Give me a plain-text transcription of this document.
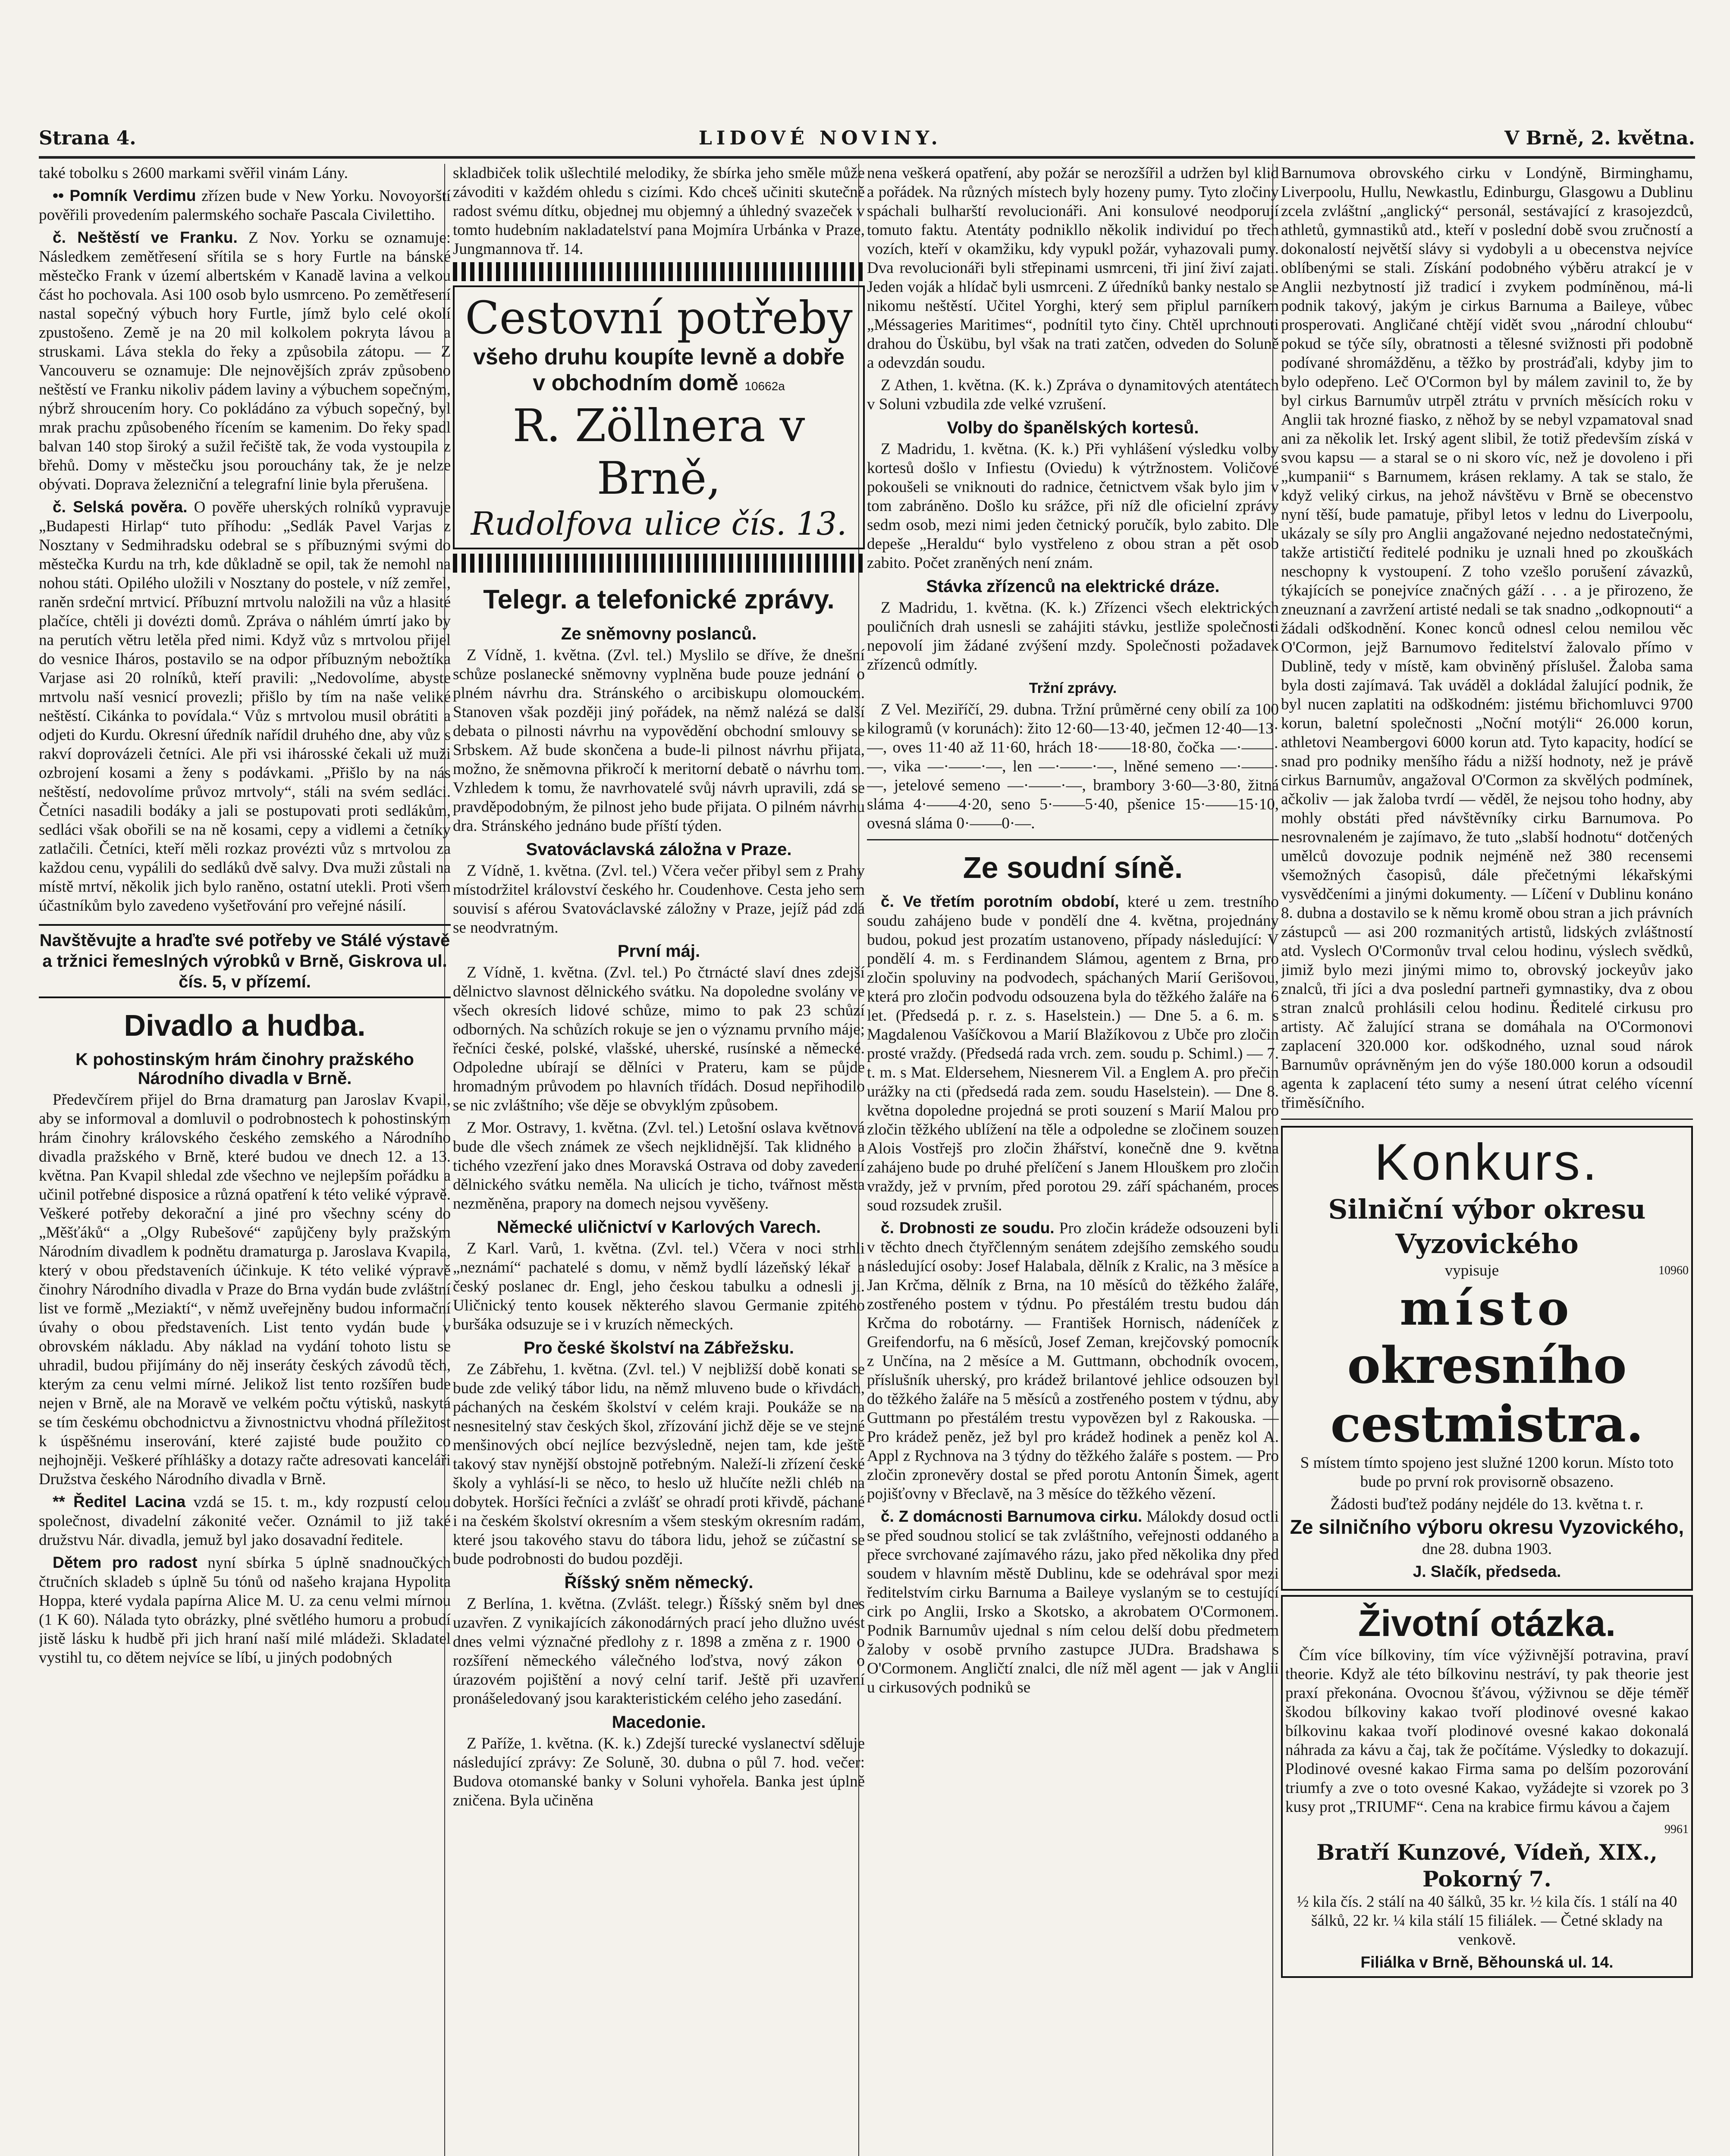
Strana 4.	LIDOVÉ NOVINY.	V Brně, 2. května.

také tobolku s 2600 markami svěřil vinám Lány.

•• Pomník Verdimu zřízen bude v New Yorku. Novoyorští pověřili provedením palermského sochaře Pascala Civilettiho.

č. Neštěstí ve Franku. Z Nov. Yorku se oznamuje: Následkem zemětřesení sřítila se s hory Furtle na bánské městečko Frank v území albertském v Kanadě lavina a velkou část ho pochovala. Asi 100 osob bylo usmrceno. Po zemětřesení nastal sopečný výbuch hory Furtle, jímž bylo celé okolí zpustošeno. Země je na 20 mil kolkolem pokryta lávou a struskami. Láva stekla do řeky a způsobila zátopu. — Z Vancouveru se oznamuje: Dle nejnovějších zpráv způsobeno neštěstí ve Franku nikoliv pádem laviny a výbuchem sopečným, nýbrž shroucením hory. Co pokládáno za výbuch sopečný, byl mrak prachu způsobeného řícením se kamenim. Do řeky spadl balvan 140 stop široký a sužil řečiště tak, že voda vystoupila z břehů. Domy v městečku jsou porouchány tak, že je nelze obývati. Doprava železniční a telegrafní linie byla přerušena.

č. Selská pověra. O pověře uherských rolníků vypravuje „Budapesti Hirlap“ tuto příhodu: „Sedlák Pavel Varjas z Nosztany v Sedmihradsku odebral se s příbuznými svými do městečka Kurdu na trh, kde důkladně se opil, tak že nemohl na nohou státi. Opilého uložili v Nosztany do postele, v níž zemřel, raněn srdeční mrtvicí. Příbuzní mrtvolu naložili na vůz a hlasité plačíce, chtěli ji dovézti domů. Zpráva o náhlém úmrtí jako by na perutích větru letěla před nimi. Když vůz s mrtvolou přijel do vesnice Iháros, postavilo se na odpor příbuzným nebožtíka Varjase asi 20 rolníků, kteří pravili: „Nedovolíme, abyste mrtvolu naší vesnicí provezli; přišlo by tím na naše veliké neštěstí. Cikánka to povídala.“ Vůz s mrtvolou musil obrátiti a odjeti do Kurdu. Okresní úředník nařídil druhého dne, aby vůz s rakví doprovázeli četníci. Ale při vsi ihárosské čekali už muži ozbrojení kosami a ženy s podávkami. „Přišlo by na nás neštěstí, nedovolíme průvoz mrtvoly“, stáli na svém sedláci. Četníci nasadili bodáky a jali se postupovati proti sedlákům, sedláci však obořili se na ně kosami, cepy a vidlemi a četníky zatlačili. Četníci, kteří měli rozkaz provézti vůz s mrtvolou za každou cenu, vypálili do sedláků dvě salvy. Dva muži zůstali na místě mrtví, několik jich bylo raněno, ostatní utekli. Proti všem účastníkům bylo zavedeno vyšetřování pro veřejné násilí.

Navštěvujte a hraďte své potřeby ve Stálé výstavě a tržnici řemeslných výrobků v Brně, Giskrova ul. čís. 5, v přízemí.
Divadlo a hudba.
K pohostinským hrám činohry pražského Národního divadla v Brně.

Předevčírem přijel do Brna dramaturg pan Jaroslav Kvapil, aby se informoval a domluvil o podrobnostech k pohostinským hrám činohry královského českého zemského a Národního divadla pražského v Brně, které budou ve dnech 12. a 13. května. Pan Kvapil shledal zde všechno ve nejlepším pořádku a učinil potřebné disposice a různá opatření k této veliké výpravě. Veškeré potřeby dekorační a jiné pro všechny scény do „Měšťáků“ a „Olgy Rubešové“ zapůjčeny byly pražským Národním divadlem k podnětu dramaturga p. Jaroslava Kvapila, který v obou představeních účinkuje. K této veliké výpravě činohry Národního divadla v Praze do Brna vydán bude zvláštní list ve formě „Meziaktí“, v němž uveřejněny budou informační úvahy o obou představeních. List tento vydán bude v obrovském nákladu. Aby náklad na vydání tohoto listu se uhradil, budou přijímány do něj inseráty českých závodů těch, kterým za cenu velmi mírné. Jelikož list tento rozšířen bude nejen v Brně, ale na Moravě ve velkém počtu výtisků, naskytá se tím českému obchodnictvu a živnostnictvu vhodná příležitost k úspěšnému inserování, které zajisté bude použito co nejhojněji. Veškeré příhlášky a dotazy račte adresovati kanceláři Družstva českého Národního divadla v Brně.

** Ředitel Lacina vzdá se 15. t. m., kdy rozpustí celou společnost, divadelní zákonité večer. Oznámil to již také družstvu Nár. divadla, jemuž byl jako dosavadní ředitele.

Dětem pro radost nyní sbírka 5 úplně snadnoučkých čtručních skladeb s úplně 5u tónů od našeho krajana Hypolita Hoppa, které vydala papírna Alice M. U. za cenu velmi mírnou (1 K 60). Nálada tyto obrázky, plné světlého humoru a probudí jistě lásku k hudbě při jich hraní naší milé mládeži. Skladatel vystihl tu, co dětem nejvíce se líbí, u jiných podobných

skladbiček tolik ušlechtilé melodiky, že sbírka jeho směle může závoditi v každém ohledu s cizími. Kdo chceš učiniti skutečně radost svému dítku, objednej mu objemný a úhledný svazeček v tomto hudebním nakladatelství pana Mojmíra Urbánka v Praze, Jungmannova tř. 14.

Cestovní potřeby
všeho druhu koupíte levně a dobře
v obchodním domě 10662a
R. Zöllnera v Brně,
Rudolfova ulice čís. 13.
Telegr. a telefonické zprávy.
Ze sněmovny poslanců.

Z Vídně, 1. května. (Zvl. tel.) Myslilo se dříve, že dnešní schůze poslanecké sněmovny vyplněna bude pouze jednání o plném návrhu dra. Stránského o arcibiskupu olomouckém. Stanoven však později jiný pořádek, na němž nalézá se další debata o pilnosti návrhu na vypovědění obchodní smlouvy se Srbskem. Až bude skončena a bude-li pilnost návrhu přijata, možno, že sněmovna přikročí k meritorní debatě o návrhu tom. Vzhledem k tomu, že navrhovatelé svůj návrh upravili, zdá se pravděpodobným, že pilnost jeho bude přijata. O pilném návrhu dra. Stránského jednáno bude příští týden.

Svatováclavská záložna v Praze.

Z Vídně, 1. května. (Zvl. tel.) Včera večer přibyl sem z Prahy místodržitel království českého hr. Coudenhove. Cesta jeho sem souvisí s aférou Svatováclavské záložny v Praze, jejíž pád zdá se neodvratným.

První máj.

Z Vídně, 1. května. (Zvl. tel.) Po čtrnácté slaví dnes zdejší dělnictvo slavnost dělnického svátku. Na dopoledne svolány ve všech okresích lidové schůze, mimo to pak 23 schůzí odborných. Na schůzích rokuje se jen o významu prvního máje; řečníci české, polské, vlašské, uherské, rusínské a německé. Odpoledne ubírají se dělníci v Prateru, kam se půjde hromadným průvodem po hlavních třídách. Dosud nepřihodilo se nic zvláštního; vše děje se obvyklým způsobem.

Z Mor. Ostravy, 1. května. (Zvl. tel.) Letošní oslava květnová bude dle všech známek ze všech nejklidnější. Tak klidného a tichého vzezření jako dnes Moravská Ostrava od doby zavedení dělnického svátku neměla. Na ulicích je ticho, tvářnost města nezměněna, prapory na domech nejsou vyvěšeny.

Německé uličnictví v Karlových Varech.

Z Karl. Varů, 1. května. (Zvl. tel.) Včera v noci strhli „neznámí“ pachatelé s domu, v němž bydlí lázeňský lékař a český poslanec dr. Engl, jeho českou tabulku a odnesli ji. Uličnický tento kousek některého slavou Germanie zpitého buršáka odsuzuje se i v kruzích německých.

Pro české školství na Zábřežsku.

Ze Zábřehu, 1. května. (Zvl. tel.) V nejbližší době konati se bude zde veliký tábor lidu, na němž mluveno bude o křivdách, páchaných na českém školství v celém kraji. Poukáže se na nesnesitelný stav českých škol, zřízování jichž děje se ve stejné menšinových obcí nejlíce bezvýsledně, nejen tam, kde ještě takový stav nynější obstojně potřebným. Naleží-li zřízení české školy a vyhlásí-li se něco, to heslo už hlučíte nežli chléb na dobytek. Horšíci řečníci a zvlášť se ohradí proti křivdě, páchané i na českém školství okresním a všem steským okresním radám, které jsou takového stavu do tábora lidu, jehož se zúčastní se bude podrobnosti do budou později.

Říšský sněm německý.

Z Berlína, 1. května. (Zvlášt. telegr.) Říšský sněm byl dnes uzavřen. Z vynikajících zákonodárných prací jeho dlužno uvést dnes velmi význačné předlohy z r. 1898 a změna z r. 1900 o rozšíření německého válečného loďstva, nový zákon o úrazovém pojištění a nový celní tarif. Ještě při uzavření pronášeledovaný jsou karakteristickém celého jeho zasedání.

Macedonie.

Z Paříže, 1. května. (K. k.) Zdejší turecké vyslanectví sděluje následující zprávy: Ze Soluně, 30. dubna o půl 7. hod. večer: Budova otomanské banky v Soluni vyhořela. Banka jest úplně zničena. Byla učiněna

nena veškerá opatření, aby požár se nerozšířil a udržen byl klid a pořádek. Na různých místech byly hozeny pumy. Tyto zločiny spáchali bulharští revolucionáři. Ani konsulové neodporují tomuto faktu. Atentáty podnikllo několik individuí po třech vozích, kteří v okamžiku, kdy vypukl požár, vyhazovali pumy. Dva revolucionáři byli střepinami usmrceni, tři jiní živí zajati. Jeden voják a hlídač byli usmrceni. Z úředníků banky nestalo se nikomu neštěstí. Učitel Yorghi, který sem připlul parníkem „Méssageries Maritimes“, podnítil tyto činy. Chtěl uprchnouti drahou do Üskübu, byl však na trati zatčen, odveden do Soluně a odevzdán soudu.

Z Athen, 1. května. (K. k.) Zpráva o dynamitových atentátech v Soluni vzbudila zde velké vzrušení.

Volby do španělských kortesů.

Z Madridu, 1. května. (K. k.) Při vyhlášení výsledku volby kortesů došlo v Infiestu (Oviedu) k výtržnostem. Voličové pokoušeli se vniknouti do radnice, četnictvem však bylo jim v tom zabráněno. Došlo ku srážce, při níž dle oficielní zprávy sedm osob, mezi nimi jeden četnický poručík, bylo zabito. Dle depeše „Heraldu“ bylo vystřeleno z obou stran a pět osob zabito. Počet zraněných není znám.

Stávka zřízenců na elektrické dráze.

Z Madridu, 1. května. (K. k.) Zřízenci všech elektrických pouličních drah usnesli se zahájiti stávku, jestliže společnosti nepovolí jim žádané zvýšení mzdy. Společnosti požadavek zřízenců odmítly.

Tržní zprávy.

Z Vel. Meziříčí, 29. dubna. Tržní průměrné ceny obilí za 100 kilogramů (v korunách): žito 12·60—13·40, ječmen 12·40—13·—, oves 11·40 až 11·60, hrách 18·——18·80, čočka —·——·—, vika —·——·—, len —·——·—, lněné semeno —·——·—, jetelové semeno —·——·—, brambory 3·60—3·80, žitná sláma 4·——4·20, seno 5·——5·40, pšenice 15·——15·10, ovesná sláma 0·——0·—.

Ze soudní síně.

č. Ve třetím porotním období, které u zem. trestního soudu zahájeno bude v pondělí dne 4. května, projednány budou, pokud jest prozatím ustanoveno, případy následující: V pondělí 4. m. s Ferdinandem Slámou, agentem z Brna, pro zločin spoluviny na podvodech, spáchaných Marií Gerišovou, která pro zločin podvodu odsouzena byla do těžkého žaláře na 6 let. (Předsedá p. r. z. s. Haselstein.) — Dne 5. a 6. m. s Magdalenou Vašíčkovou a Marií Blažíkovou z Ubče pro zločin prosté vraždy. (Předsedá rada vrch. zem. soudu p. Schiml.) — 7. t. m. s Mat. Eldersehem, Niesnerem Vil. a Englem A. pro přečin urážky na cti (předsedá rada zem. soudu Haselstein). — Dne 8. května dopoledne projedná se proti souzení s Marií Malou pro zločin těžkého ublížení na těle a odpoledne se zločinem souzen Alois Vostřejš pro zločin žhářství, konečně dne 9. května zahájeno bude po druhé přelíčení s Janem Hlouškem pro zločin vraždy, jež v prvním, před porotou 29. září spáchaném, proces soud rozsudek zrušil.

č. Drobnosti ze soudu. Pro zločin krádeže odsouzeni byli v těchto dnech čtyřčlenným senátem zdejšího zemského soudu následující osoby: Josef Halabala, dělník z Kralic, na 3 měsíce a Jan Krčma, dělník z Brna, na 10 měsíců do těžkého žaláře, zostřeného postem v týdnu. Po přestálém trestu budou dán Krčma do robotárny. — František Hornisch, nádeníček z Greifendorfu, na 6 měsíců, Josef Zeman, krejčovský pomocník z Unčína, na 2 měsíce a M. Guttmann, obchodník ovocem, příslušník uherský, pro krádež brilantové jehlice odsouzen byl do těžkého žaláře na 5 měsíců a zostřeného postem v týdnu, aby Guttmann po přestálém trestu vypovězen byl z Rakouska. — Pro krádež peněz, jež byl pro krádež hodinek a peněz kol A. Appl z Rychnova na 3 týdny do těžkého žaláře s postem. — Pro zločin zpronevěry dostal se před porotu Antonín Šimek, agent pojišťovny v Břeclavě, na 3 měsíce do těžkého vězení.

č. Z domácnosti Barnumova cirku. Málokdy dosud octli se před soudnou stolicí se tak zvláštního, veřejnosti oddaného a přece svrchované zajímavého rázu, jako před několika dny před soudem v hlavním městě Dublinu, kde se odehrával spor mezi ředitelstvím cirku Barnuma a Baileye vyslaným se to cestující cirk po Anglii, Irsko a Skotsko, a akrobatem O'Cormonem. Podnik Barnumův ujednal s ním celou delší dobu předmetem žaloby v osobě prvního zastupce JUDra. Bradshawa s O'Cormonem. Angličtí znalci, dle níž měl agent — jak v Anglii u cirkusových podniků se

Barnumova obrovského cirku v Londýně, Birminghamu, Liverpoolu, Hullu, Newkastlu, Edinburgu, Glasgowu a Dublinu zcela zvláštní „anglický“ personál, sestávající z krasojezdců, athletů, gymnastiků atd., kteří v poslední době svou zručností a dokonalostí největší slávy si vydobyli a u obecenstva nejvíce oblíbenými se stali. Získání podobného výběru atrakcí je v Anglii nezbytností již tradicí i zvykem podmíněnou, má-li podnik takový, jakým je cirkus Barnuma a Baileye, vůbec prosperovati. Angličané chtějí vidět svou „národní chloubu“ pokud se týče síly, obratnosti a tělesné svižnosti při podobně podívané shromážděnu, a těžko by prostráďali, kdyby jim to bylo odepřeno. Leč O'Cormon byl by málem zavinil to, že by byl cirkus Barnumův utrpěl ztrátu v prvních měsících roku v Anglii tak hrozné fiasko, z něhož by se nebyl vzpamatoval snad ani za několik let. Irský agent slibil, že totiž především získá v svou kapsu — a staral se o ni skoro víc, než je dovoleno i při „kumpanii“ s Barnumem, krásen reklamy. A tak se stalo, že když veliký cirkus, na jehož návštěvu v Brně se obecenstvo nyní těší, bude pamatuje, přibyl letos v lednu do Liverpoolu, ukázaly se síly pro Anglii angažované nejedno nedostatečnými, takže artističtí ředitelé podniku je uznali hned po zkouškách neschopny k vystoupení. Z toho vzešlo porušení závazků, týkajících se ponejvíce značných gáží . . . a je přirozeno, že zneuznaní a zavržení artisté nedali se tak snadno „odkopnouti“ a žádali odškodnění. Konec konců odnesl celou nemilou věc O'Cormon, jejž Barnumovo ředitelství žalovalo přímo v Dublině, tedy v místě, kam obviněný příslušel. Žaloba sama byla dosti zajímavá. Tak uváděl a dokládal žalující podnik, že byl nucen zaplatiti na odškodném: jistému břichomluvci 9700 korun, baletní společnosti „Noční motýli“ 26.000 korun, athletovi Neambergovi 6000 korun atd. Tyto kapacity, hodící se snad pro podniky menšího řádu a nižší hodnoty, než je právě cirkus Barnumův, angažoval O'Cormon za skvělých podmínek, ačkoliv — jak žaloba tvrdí — věděl, že nejsou toho hodny, aby mohly obstáti před návštěvníky cirku Barnumova. Po nesrovnaleném je zajímavo, že tuto „slabší hodnotu“ dotčených umělců dovozuje podnik nejméně než 380 recensemi všemožných časopisů, dále přečetnými lékařskými vysvědčeními a jinými dokumenty. — Líčení v Dublinu konáno 8. dubna a dostavilo se k němu kromě obou stran a jich právních zástupců — asi 200 rozmanitých artistů, lidských zvláštností atd. Vyslech O'Cormonův trval celou hodinu, výslech svědků, jimiž bylo mezi jinými mimo to, obrovský jockeyův jako znalců, tři jíci a dva poslední partneři gymnastiky, dva z obou stran znalců prohlásili celou hodinu. Ředitelé cirkusu pro artisty. Ač žalující strana se domáhala na O'Cormonovi zaplacení 320.000 kor. odškodného, uznal soud nárok Barnumův oprávněným jen do výše 180.000 korun a odsoudil agenta k zaplacení této sumy a nesení útrat celého vícenní třiměsíčního.

Konkurs.
Silniční výbor okresu Vyzovického
vypisuje	10960
místo
okresního cestmistra.

S místem tímto spojeno jest služné 1200 korun. Místo toto bude po první rok provisorně obsazeno.

Žádosti buďtež podány nejdéle do 13. května t. r.

Ze silničního výboru okresu Vyzovického,

dne 28. dubna 1903.

J. Slačík, předseda.

Životní otázka.

Čím více bílkoviny, tím více výživnější potravina, praví theorie. Když ale této bílkovinu nestráví, ty pak theorie jest praxí překonána. Ovocnou šťávou, výživnou se děje téměř škodou bílkoviny kakao tvoří plodinové ovesné kakao bílkovinu kakaa tvoří plodinové ovesné kakao dokonalá náhrada za kávu a čaj, tak že počítáme. Výsledky to dokazují. Plodinové ovesné kakao Firma sama po delším pozorování triumfy a zve o toto ovesné Kakao, vyžádejte si vzorek po 3 kusy prot „TRIUMF“. Cena na krabice firmu kávou a čajem

9961
Bratří Kunzové, Vídeň, XIX., Pokorný 7.

½ kila čís. 2 stálí na 40 šálků, 35 kr. ½ kila čís. 1 stálí na 40 šálků, 22 kr. ¼ kila stálí 15 filiálek. — Četné sklady na venkově.

Filiálka v Brně, Běhounská ul. 14.
